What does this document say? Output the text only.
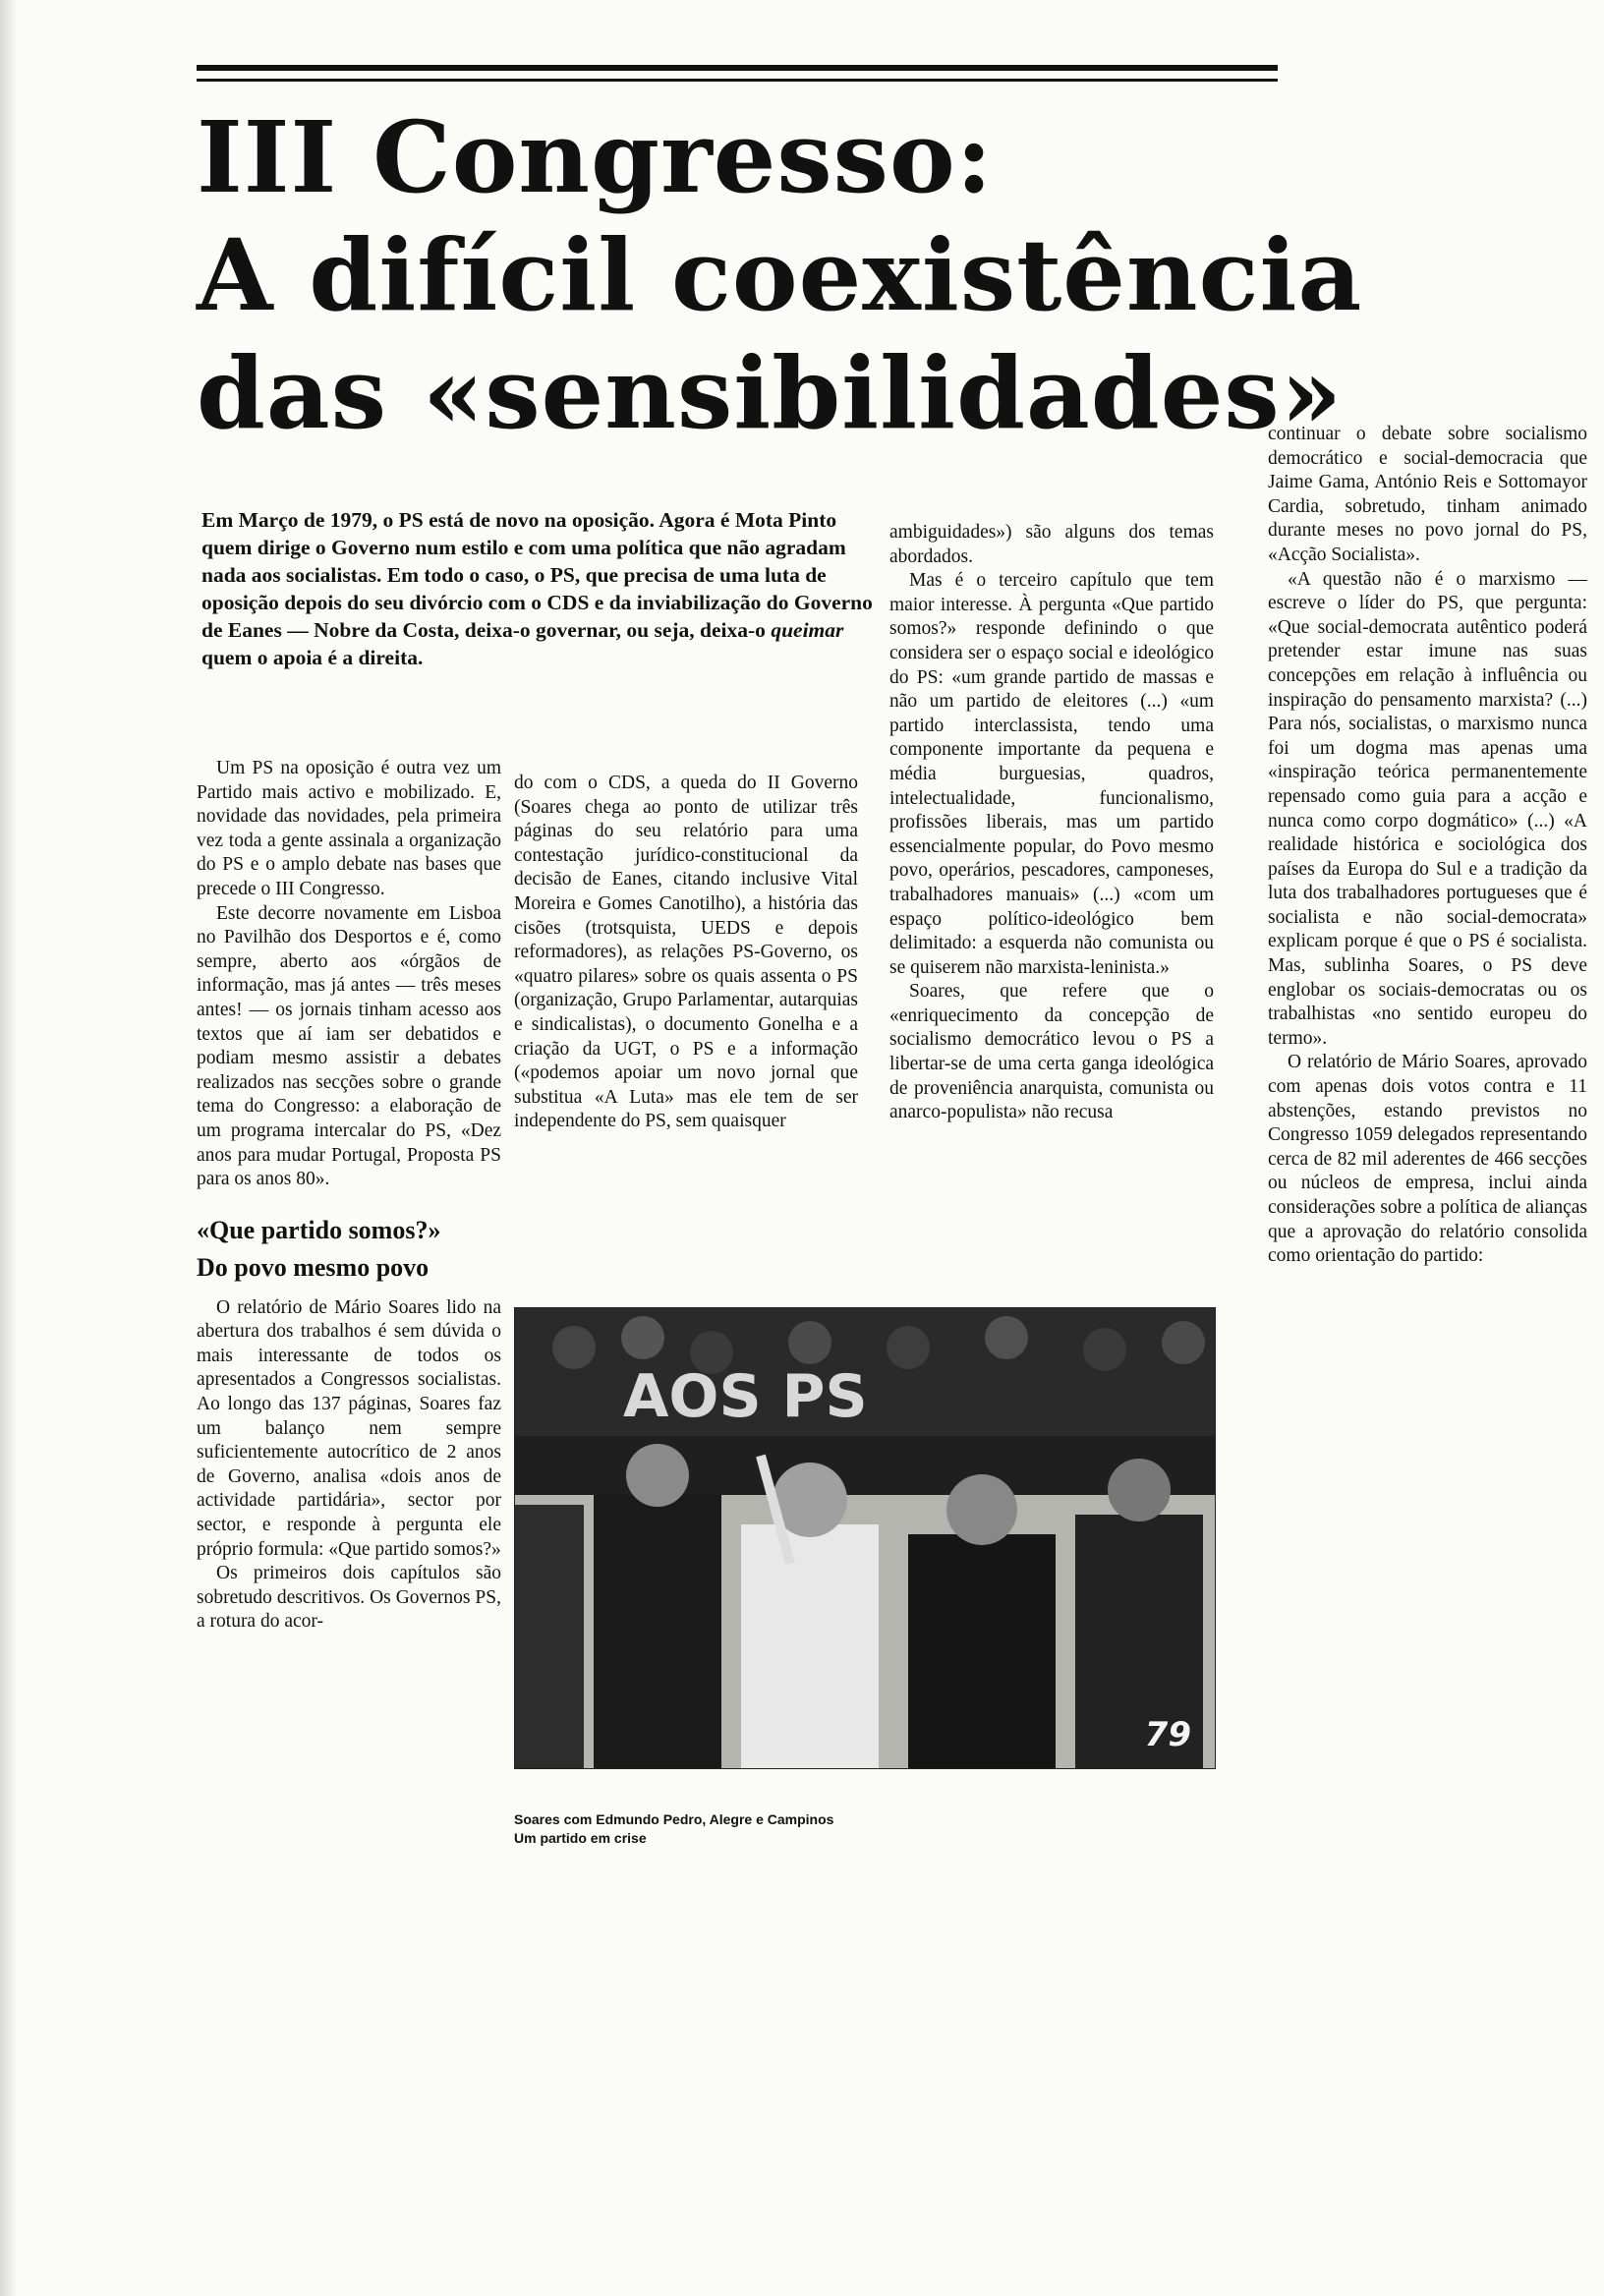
III Congresso:
A difícil coexistência
das «sensibilidades»

Em Março de 1979, o PS está de novo na oposição. Agora é Mota Pinto quem dirige o Governo num estilo e com uma política que não agradam nada aos socialistas. Em todo o caso, o PS, que precisa de uma luta de oposição depois do seu divórcio com o CDS e da inviabilização do Governo de Eanes — Nobre da Costa, deixa-o governar, ou seja, deixa-o queimar quem o apoia é a direita.

Um PS na oposição é outra vez um Partido mais activo e mobilizado. E, novidade das novidades, pela primeira vez toda a gente assinala a organização do PS e o amplo debate nas bases que precede o III Congresso.

Este decorre novamente em Lisboa no Pavilhão dos Desportos e é, como sempre, aberto aos «órgãos de informação, mas já antes — três meses antes! — os jornais tinham acesso aos textos que aí iam ser debatidos e podiam mesmo assistir a debates realizados nas secções sobre o grande tema do Congresso: a elaboração de um programa intercalar do PS, «Dez anos para mudar Portugal, Proposta PS para os anos 80».

«Que partido somos?»

Do povo mesmo povo

O relatório de Mário Soares lido na abertura dos trabalhos é sem dúvida o mais interessante de todos os apresentados a Congressos socialistas. Ao longo das 137 páginas, Soares faz um balanço nem sempre suficientemente autocrítico de 2 anos de Governo, analisa «dois anos de actividade partidária», sector por sector, e responde à pergunta ele próprio formula: «Que partido somos?»

Os primeiros dois capítulos são sobretudo descritivos. Os Governos PS, a rotura do acor-

do com o CDS, a queda do II Governo (Soares chega ao ponto de utilizar três páginas do seu relatório para uma contestação jurídico-constitucional da decisão de Eanes, citando inclusive Vital Moreira e Gomes Canotilho), a história das cisões (trotsquista, UEDS e depois reformadores), as relações PS-Governo, os «quatro pilares» sobre os quais assenta o PS (organização, Grupo Parlamentar, autarquias e sindicalistas), o documento Gonelha e a criação da UGT, o PS e a informação («podemos apoiar um novo jornal que substitua «A Luta» mas ele tem de ser independente do PS, sem quaisquer

ambiguidades») são alguns dos temas abordados.

Mas é o terceiro capítulo que tem maior interesse. À pergunta «Que partido somos?» responde definindo o que considera ser o espaço social e ideológico do PS: «um grande partido de massas e não um partido de eleitores (...) «um partido interclassista, tendo uma componente importante da pequena e média burguesias, quadros, intelectualidade, funcionalismo, profissões liberais, mas um partido essencialmente popular, do Povo mesmo povo, operários, pescadores, camponeses, trabalhadores manuais» (...) «com um espaço político-ideológico bem delimitado: a esquerda não comunista ou se quiserem não marxista-leninista.»

Soares, que refere que o «enriquecimento da concepção de socialismo democrático levou o PS a libertar-se de uma certa ganga ideológica de proveniência anarquista, comunista ou anarco-populista» não recusa

continuar o debate sobre socialismo democrático e social-democracia que Jaime Gama, António Reis e Sottomayor Cardia, sobretudo, tinham animado durante meses no povo jornal do PS, «Acção Socialista».

«A questão não é o marxismo — escreve o líder do PS, que pergunta: «Que social-democrata autêntico poderá pretender estar imune nas suas concepções em relação à influência ou inspiração do pensamento marxista? (...) Para nós, socialistas, o marxismo nunca foi um dogma mas apenas uma «inspiração teórica permanentemente repensado como guia para a acção e nunca como corpo dogmático» (...) «A realidade histórica e sociológica dos países da Europa do Sul e a tradição da luta dos trabalhadores portugueses que é socialista e não social-democrata» explicam porque é que o PS é socialista. Mas, sublinha Soares, o PS deve englobar os sociais-democratas ou os trabalhistas «no sentido europeu do termo».

O relatório de Mário Soares, aprovado com apenas dois votos contra e 11 abstenções, estando previstos no Congresso 1059 delegados representando cerca de 82 mil aderentes de 466 secções ou núcleos de empresa, inclui ainda considerações sobre a política de alianças que a aprovação do relatório consolida como orientação do partido:

AOS PS
79
Soares com Edmundo Pedro, Alegre e Campinos
Um partido em crise
